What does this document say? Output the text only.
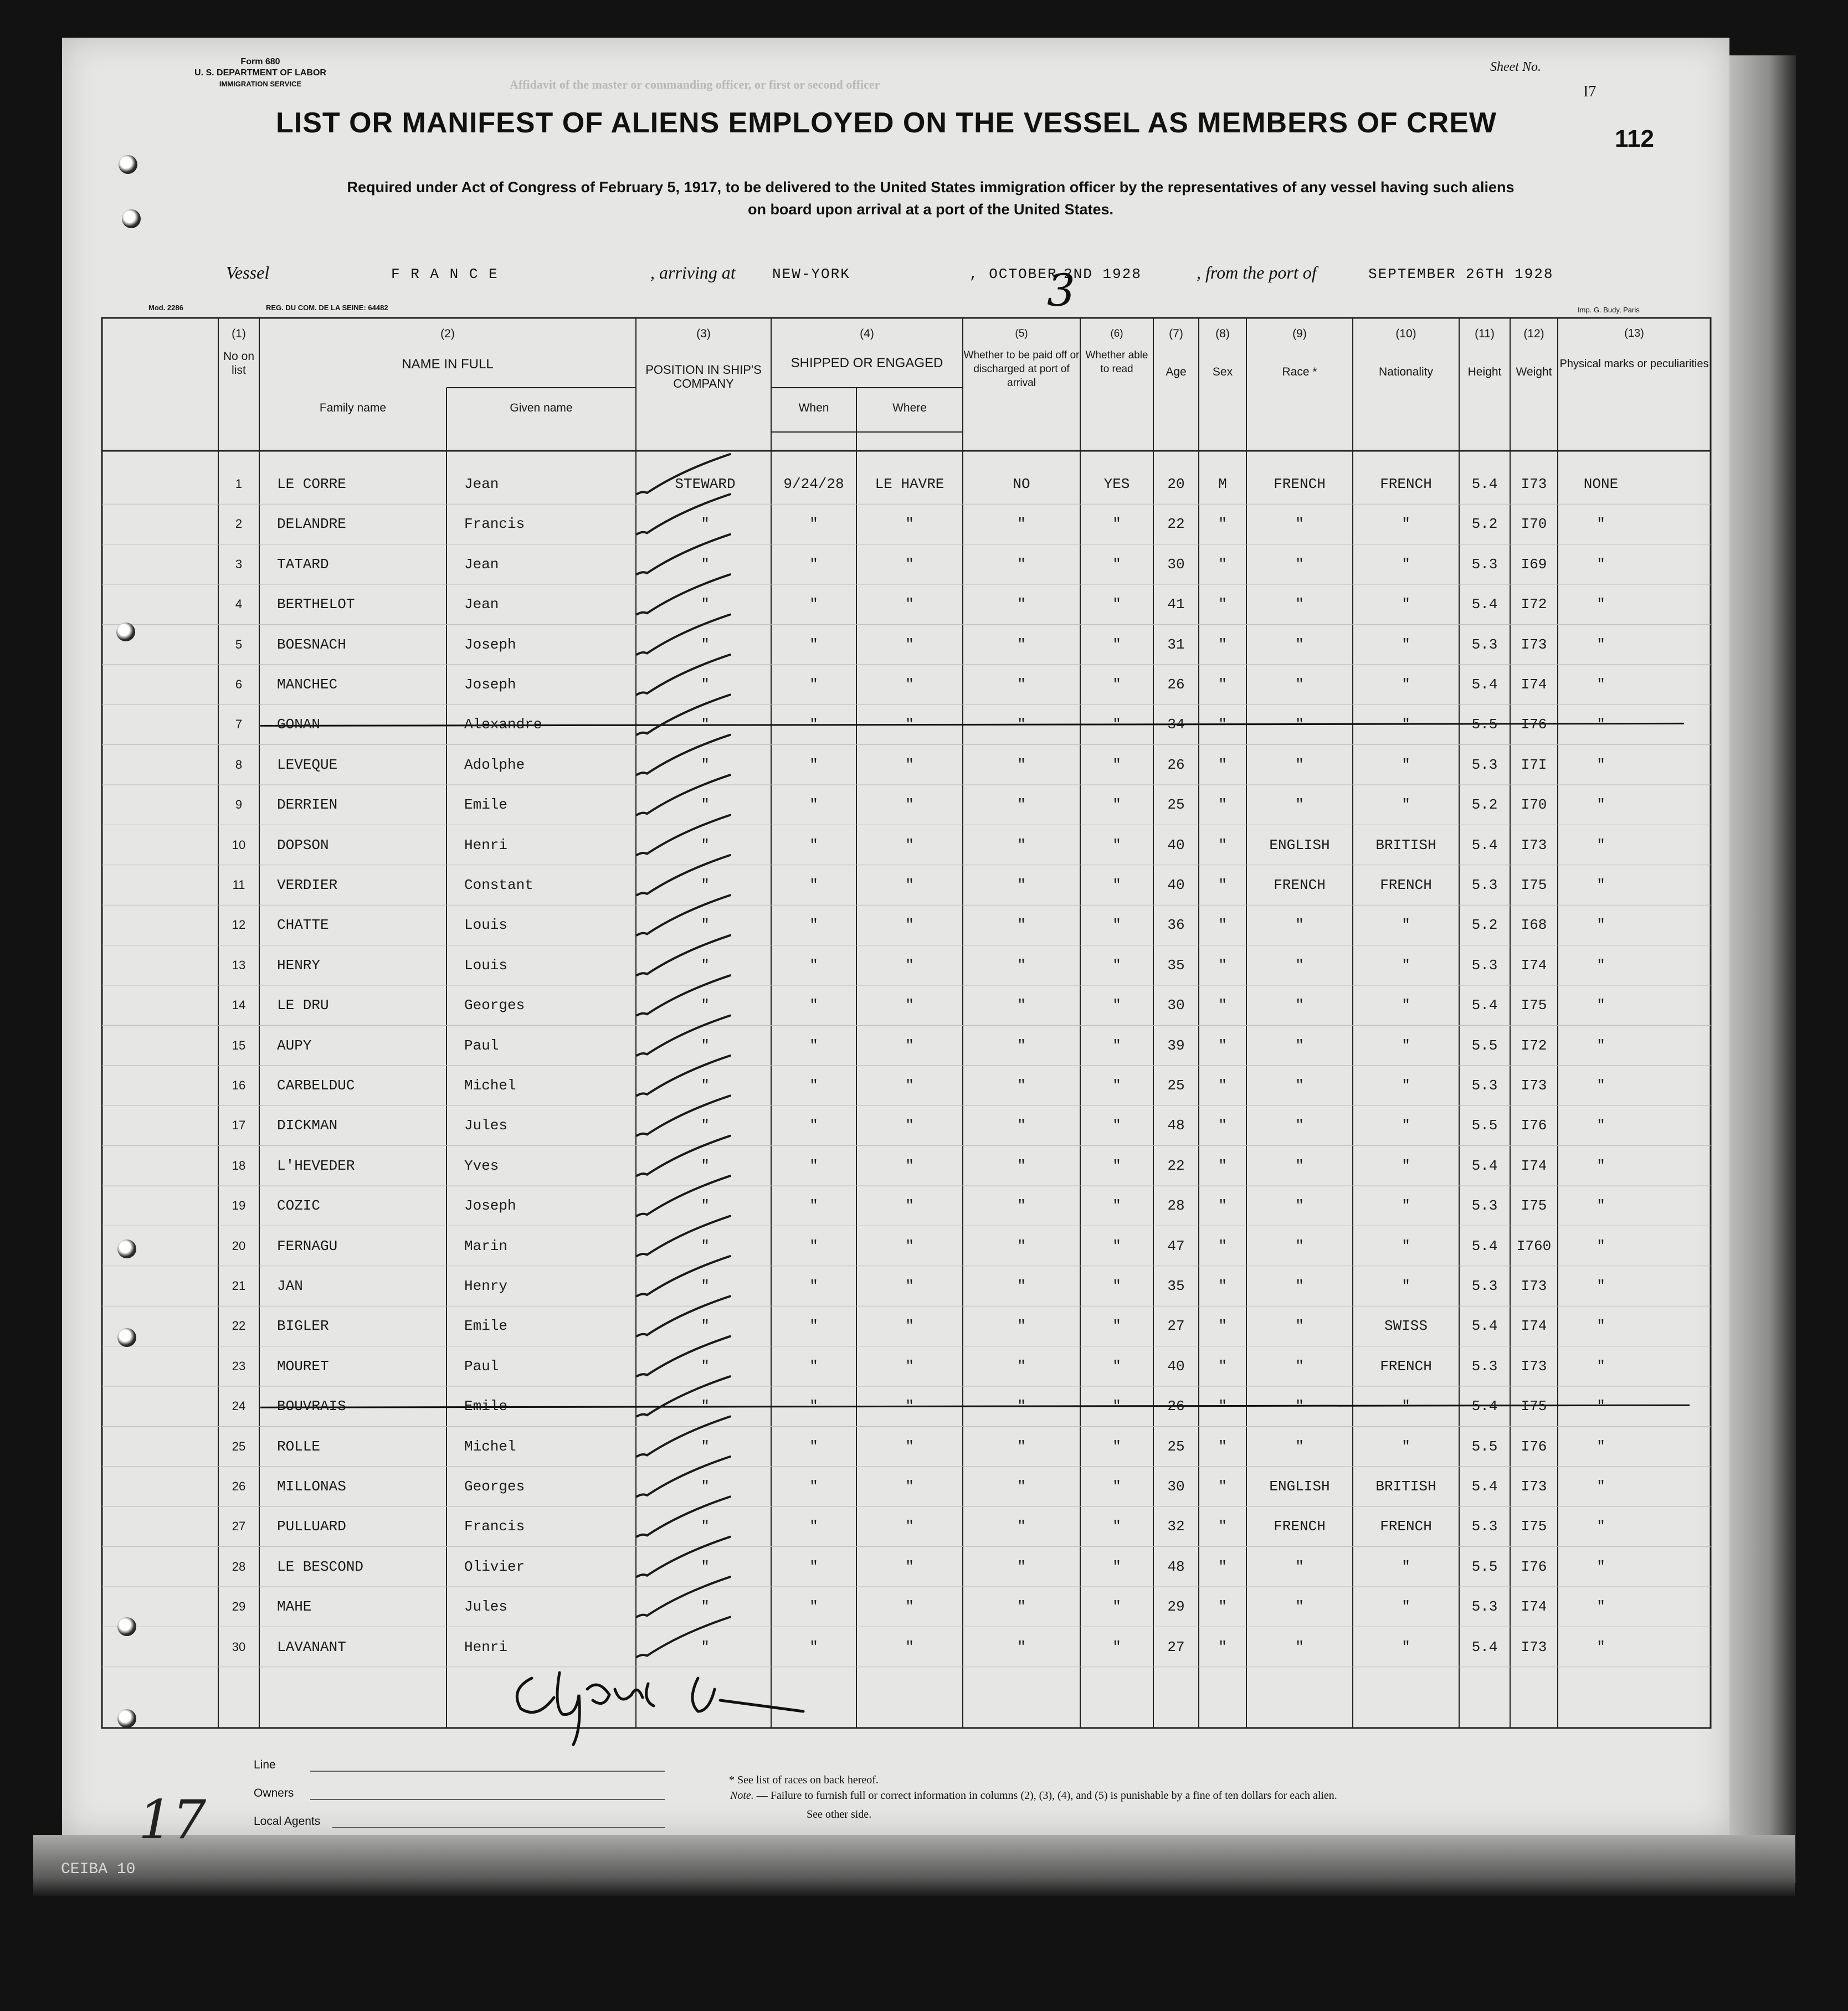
CEIBA 10
Form 680
U. S. DEPARTMENT OF LABOR
IMMIGRATION SERVICE
Sheet No.
I7
Affidavit of the master or commanding officer, or first or second officer
112
LIST OR MANIFEST OF ALIENS EMPLOYED ON THE VESSEL AS MEMBERS OF CREW
Required under Act of Congress of February 5, 1917, to be delivered to the United States immigration officer by the representatives of any vessel having such aliens
on board upon arrival at a port of the United States.
Vessel	F R A N C E	, arriving at	NEW-YORK	, OCTOBER 2ND 1928
3	, from the port of	SEPTEMBER 26TH 1928
Mod. 2286	REG. DU COM. DE LA SEINE: 64482	Imp. G. Budy, Paris
(1)
No on list
(2)
NAME IN FULL
Family name	Given name
(3)
POSITION IN SHIP'S COMPANY
(4)
SHIPPED OR ENGAGED
When	Where
(5)
Whether to be paid off or discharged at port of arrival
(6)
Whether able to read
(7)
Age
(8)
Sex
(9)
Race *
(10)
Nationality
(11)
Height
(12)
Weight
(13)
Physical marks or peculiarities
1	LE CORRE	Jean	STEWARD	9/24/28	LE HAVRE	NO	YES	20	M	FRENCH	FRENCH	5.4	I73	NONE
2	DELANDRE	Francis	"	"	"	"	"	22	"	"	"	5.2	I70	"
3	TATARD	Jean	"	"	"	"	"	30	"	"	"	5.3	I69	"
4	BERTHELOT	Jean	"	"	"	"	"	41	"	"	"	5.4	I72	"
5	BOESNACH	Joseph	"	"	"	"	"	31	"	"	"	5.3	I73	"
6	MANCHEC	Joseph	"	"	"	"	"	26	"	"	"	5.4	I74	"
7	GONAN	Alexandre	"	"	"	"	"	34	"	"	"	5.5	I76	"
8	LEVEQUE	Adolphe	"	"	"	"	"	26	"	"	"	5.3	I7I	"
9	DERRIEN	Emile	"	"	"	"	"	25	"	"	"	5.2	I70	"
10	DOPSON	Henri	"	"	"	"	"	40	"	ENGLISH	BRITISH	5.4	I73	"
11	VERDIER	Constant	"	"	"	"	"	40	"	FRENCH	FRENCH	5.3	I75	"
12	CHATTE	Louis	"	"	"	"	"	36	"	"	"	5.2	I68	"
13	HENRY	Louis	"	"	"	"	"	35	"	"	"	5.3	I74	"
14	LE DRU	Georges	"	"	"	"	"	30	"	"	"	5.4	I75	"
15	AUPY	Paul	"	"	"	"	"	39	"	"	"	5.5	I72	"
16	CARBELDUC	Michel	"	"	"	"	"	25	"	"	"	5.3	I73	"
17	DICKMAN	Jules	"	"	"	"	"	48	"	"	"	5.5	I76	"
18	L'HEVEDER	Yves	"	"	"	"	"	22	"	"	"	5.4	I74	"
19	COZIC	Joseph	"	"	"	"	"	28	"	"	"	5.3	I75	"
20	FERNAGU	Marin	"	"	"	"	"	47	"	"	"	5.4	I760	"
21	JAN	Henry	"	"	"	"	"	35	"	"	"	5.3	I73	"
22	BIGLER	Emile	"	"	"	"	"	27	"	"	SWISS	5.4	I74	"
23	MOURET	Paul	"	"	"	"	"	40	"	"	FRENCH	5.3	I73	"
24	BOUVRAIS	Emile	"	"	"	"	"	26	"	"	"	5.4	I75	"
25	ROLLE	Michel	"	"	"	"	"	25	"	"	"	5.5	I76	"
26	MILLONAS	Georges	"	"	"	"	"	30	"	ENGLISH	BRITISH	5.4	I73	"
27	PULLUARD	Francis	"	"	"	"	"	32	"	FRENCH	FRENCH	5.3	I75	"
28	LE BESCOND	Olivier	"	"	"	"	"	48	"	"	"	5.5	I76	"
29	MAHE	Jules	"	"	"	"	"	29	"	"	"	5.3	I74	"
30	LAVANANT	Henri	"	"	"	"	"	27	"	"	"	5.4	I73	"
Line
Owners
Local Agents
* See list of races on back hereof.
Note. — Failure to furnish full or correct information in columns (2), (3), (4), and (5) is punishable by a fine of ten dollars for each alien.
See other side.
17
